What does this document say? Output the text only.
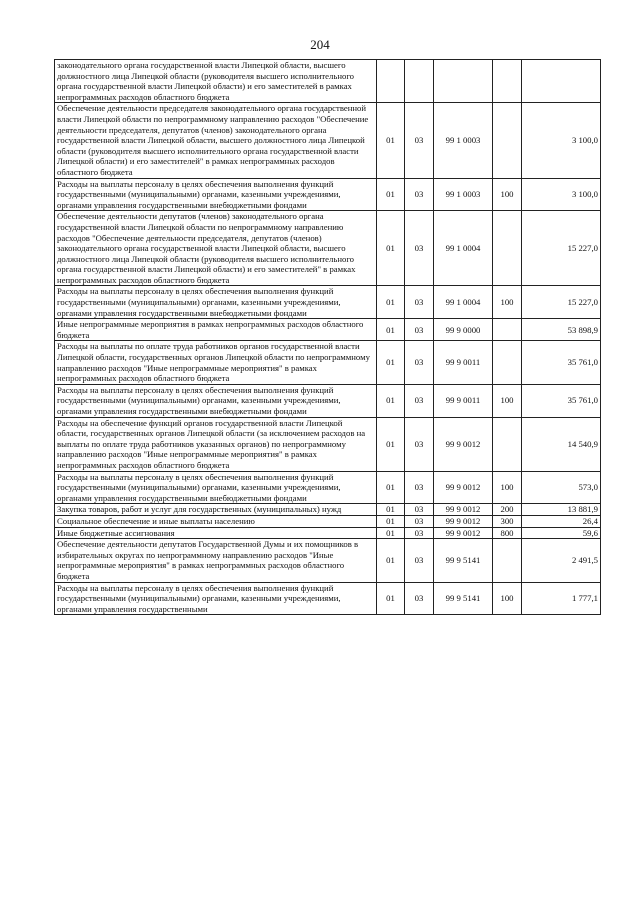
204
законодательного органа государственной власти Липецкой области, высшего должностного лица Липецкой области (руководителя высшего исполнительного органа государственной власти Липецкой области) и его заместителей в рамках непрограммных расходов областного бюджета					
Обеспечение деятельности председателя законодательного органа государственной власти Липецкой области по непрограммному направлению расходов "Обеспечение деятельности председателя, депутатов (членов) законодательного органа государственной власти Липецкой области, высшего должностного лица Липецкой области (руководителя высшего исполнительного органа государственной власти Липецкой области) и его заместителей" в рамках непрограммных расходов областного бюджета	01	03	99 1 0003		3 100,0
Расходы на выплаты персоналу в целях обеспечения выполнения функций государственными (муниципальными) органами, казенными учреждениями, органами управления государственными внебюджетными фондами	01	03	99 1 0003	100	3 100,0
Обеспечение деятельности депутатов (членов) законодательного органа государственной власти Липецкой области по непрограммному направлению расходов "Обеспечение деятельности председателя, депутатов (членов) законодательного органа государственной власти Липецкой области, высшего должностного лица Липецкой области (руководителя высшего исполнительного органа государственной власти Липецкой области) и его заместителей" в рамках непрограммных расходов областного бюджета	01	03	99 1 0004		15 227,0
Расходы на выплаты персоналу в целях обеспечения выполнения функций государственными (муниципальными) органами, казенными учреждениями, органами управления государственными внебюджетными фондами	01	03	99 1 0004	100	15 227,0
Иные непрограммные мероприятия в рамках непрограммных расходов областного бюджета	01	03	99 9 0000		53 898,9
Расходы на выплаты по оплате труда работников органов государственной власти Липецкой области, государственных органов Липецкой области по непрограммному направлению расходов "Иные непрограммные мероприятия" в рамках непрограммных расходов областного бюджета	01	03	99 9 0011		35 761,0
Расходы на выплаты персоналу в целях обеспечения выполнения функций государственными (муниципальными) органами, казенными учреждениями, органами управления государственными внебюджетными фондами	01	03	99 9 0011	100	35 761,0
Расходы на обеспечение функций органов государственной власти Липецкой области, государственных органов Липецкой области (за исключением расходов на выплаты по оплате труда работников указанных органов) по непрограммному направлению расходов "Иные непрограммные мероприятия" в рамках непрограммных расходов областного бюджета	01	03	99 9 0012		14 540,9
Расходы на выплаты персоналу в целях обеспечения выполнения функций государственными (муниципальными) органами, казенными учреждениями, органами управления государственными внебюджетными фондами	01	03	99 9 0012	100	573,0
Закупка товаров, работ и услуг для государственных (муниципальных) нужд	01	03	99 9 0012	200	13 881,9
Социальное обеспечение и иные выплаты населению	01	03	99 9 0012	300	26,4
Иные бюджетные ассигнования	01	03	99 9 0012	800	59,6
Обеспечение деятельности депутатов Государственной Думы и их помощников в избирательных округах по непрограммному направлению расходов "Иные непрограммные мероприятия" в рамках непрограммных расходов областного бюджета	01	03	99 9 5141		2 491,5
Расходы на выплаты персоналу в целях обеспечения выполнения функций государственными (муниципальными) органами, казенными учреждениями, органами управления государственными	01	03	99 9 5141	100	1 777,1
